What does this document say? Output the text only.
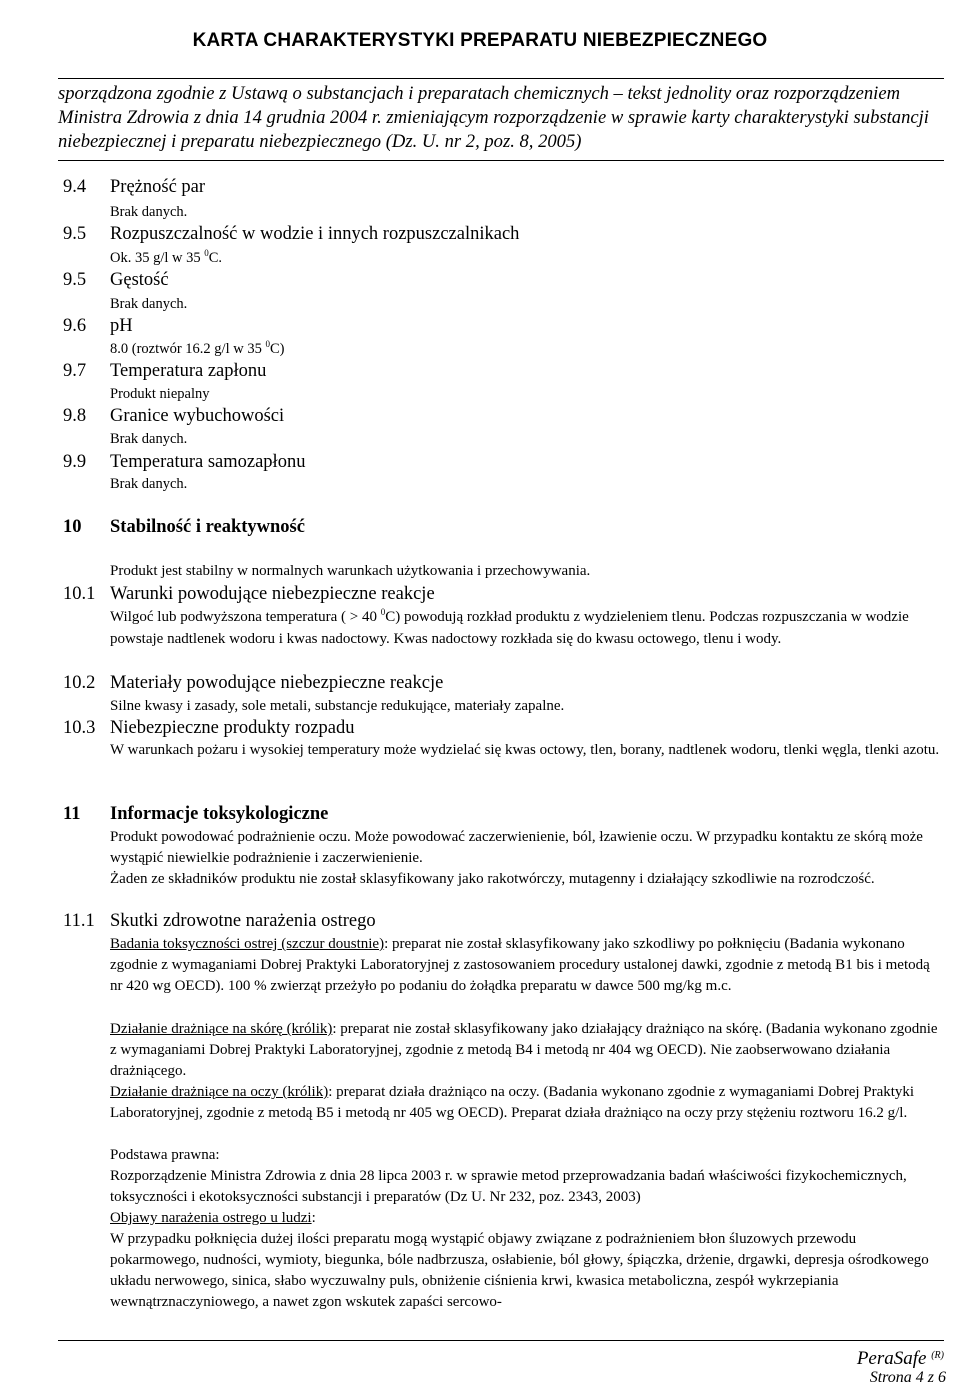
KARTA CHARAKTERYSTYKI PREPARATU NIEBEZPIECZNEGO
sporządzona zgodnie z Ustawą o substancjach i preparatach chemicznych – tekst jednolity oraz rozporządzeniem Ministra Zdrowia z dnia 14 grudnia 2004 r. zmieniającym rozporządzenie w sprawie karty charakterystyki substancji niebezpiecznej i preparatu niebezpiecznego (Dz. U. nr 2, poz. 8, 2005)
9.4 Prężność par
Brak danych.
9.5 Rozpuszczalność w wodzie i innych rozpuszczalnikach
Ok. 35 g/l w 35 $^0$C.
9.5 Gęstość
Brak danych.
9.6 pH
8.0 (roztwór 16.2 g/l w 35 $^0$C)
9.7 Temperatura zapłonu
Produkt niepalny
9.8 Granice wybuchowości
Brak danych.
9.9 Temperatura samozapłonu
Brak danych.
10 Stabilność i reaktywność
Produkt jest stabilny w normalnych warunkach użytkowania i przechowywania.
10.1 Warunki powodujące niebezpieczne reakcje
Wilgoć lub podwyższona temperatura ( > 40 $^0$C) powodują rozkład produktu z wydzieleniem tlenu. Podczas rozpuszczania w wodzie powstaje nadtlenek wodoru i kwas nadoctowy. Kwas nadoctowy rozkłada się do kwasu octowego, tlenu i wody.
10.2 Materiały powodujące niebezpieczne reakcje
Silne kwasy i zasady, sole metali, substancje redukujące, materiały zapalne.
10.3 Niebezpieczne produkty rozpadu
W warunkach pożaru i wysokiej temperatury może wydzielać się kwas octowy, tlen, borany, nadtlenek wodoru, tlenki węgla, tlenki azotu.
11 Informacje toksykologiczne
Produkt powodować podrażnienie oczu. Może powodować zaczerwienienie, ból, łzawienie oczu. W przypadku kontaktu ze skórą może wystąpić niewielkie podrażnienie i zaczerwienienie.
Żaden ze składników produktu nie został sklasyfikowany jako rakotwórczy, mutagenny i działający szkodliwie na rozrodczość.
11.1 Skutki zdrowotne narażenia ostrego
Badania toksyczności ostrej (szczur doustnie): preparat nie został sklasyfikowany jako szkodliwy po połknięciu (Badania wykonano zgodnie z wymaganiami Dobrej Praktyki Laboratoryjnej z zastosowaniem procedury ustalonej dawki, zgodnie z metodą B1 bis i metodą nr 420 wg OECD). 100 % zwierząt przeżyło po podaniu do żołądka preparatu w dawce 500 mg/kg m.c.
Działanie drażniące na skórę (królik): preparat nie został sklasyfikowany jako działający drażniąco na skórę. (Badania wykonano zgodnie z wymaganiami Dobrej Praktyki Laboratoryjnej, zgodnie z metodą B4 i metodą nr 404 wg OECD). Nie zaobserwowano działania drażniącego.
Działanie drażniące na oczy (królik): preparat działa drażniąco na oczy. (Badania wykonano zgodnie z wymaganiami Dobrej Praktyki Laboratoryjnej, zgodnie z metodą B5 i metodą nr 405 wg OECD). Preparat działa drażniąco na oczy przy stężeniu roztworu 16.2 g/l.
Podstawa prawna:
Rozporządzenie Ministra Zdrowia z dnia 28 lipca 2003 r. w sprawie metod przeprowadzania badań właściwości fizykochemicznych, toksyczności i ekotoksyczności substancji i preparatów (Dz U. Nr 232, poz. 2343, 2003)
Objawy narażenia ostrego u ludzi:
W przypadku połknięcia dużej ilości preparatu mogą wystąpić objawy związane z podrażnieniem błon śluzowych przewodu pokarmowego, nudności, wymioty, biegunka, bóle nadbrzusza, osłabienie, ból głowy, śpiączka, drżenie, drgawki, depresja ośrodkowego układu nerwowego, sinica, słabo wyczuwalny puls, obniżenie ciśnienia krwi, kwasica metaboliczna, zespół wykrzepiania wewnątrznaczyniowego, a nawet zgon wskutek zapaści sercowo-
PeraSafe $^{(R)}$
Strona 4 z 6
